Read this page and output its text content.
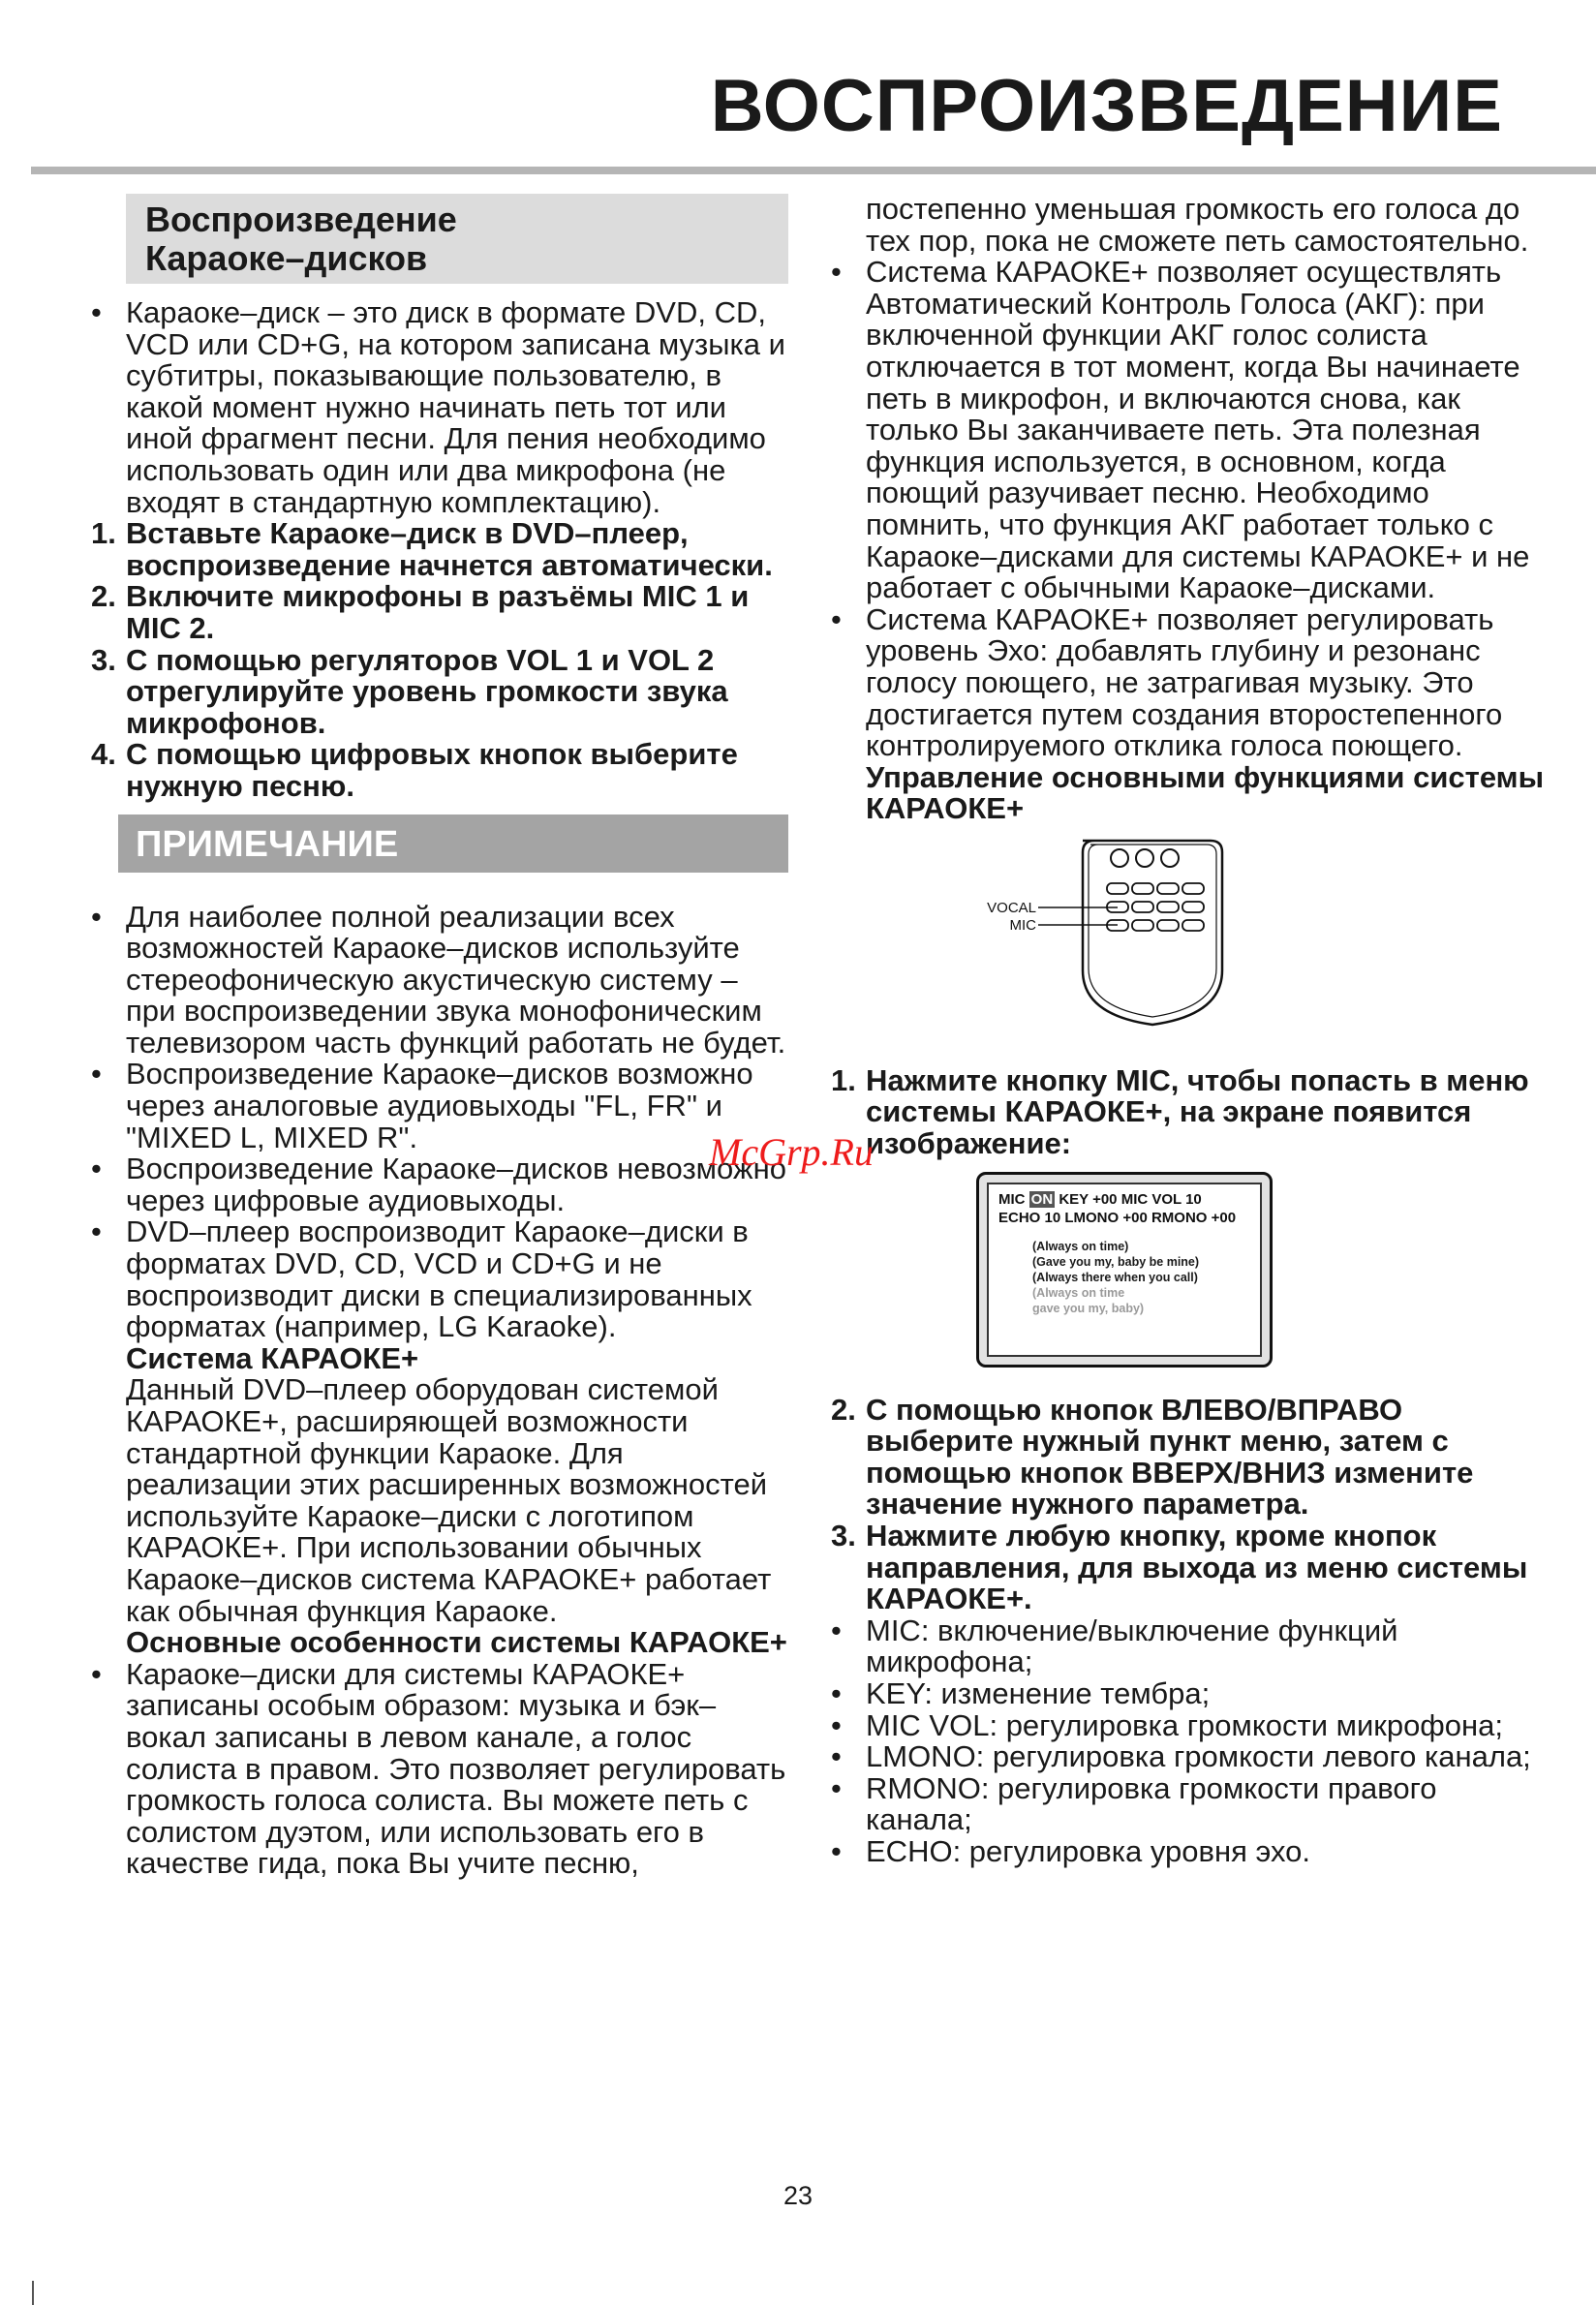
ВОСПРОИЗВЕДЕНИЕ
Воспроизведение
Караоке–дисков
• Караоке–диск – это диск в формате DVD, CD, VCD или CD+G, на котором записана музыка и субтитры, показывающие пользователю, в какой момент нужно начинать петь тот или иной фрагмент песни. Для пения необходимо использовать один или два микрофона (не входят в стандартную комплектацию).
1. Вставьте Караоке–диск в DVD–плеер, воспроизведение начнется автоматически.
2. Включите микрофоны в разъёмы MIC 1 и MIC 2.
3. С помощью регуляторов VOL 1 и VOL 2 отрегулируйте уровень громкости звука микрофонов.
4. С помощью цифровых кнопок выберите нужную песню.
ПРИМЕЧАНИЕ
• Для наиболее полной реализации всех возможностей Караоке–дисков используйте стереофоническую акустическую систему – при воспроизведении звука монофоническим телевизором часть функций работать не будет.
• Воспроизведение Караоке–дисков возможно через аналоговые аудиовыходы "FL, FR" и "MIXED L, MIXED R".
• Воспроизведение Караоке–дисков невозможно через цифровые аудиовыходы.
• DVD–плеер воспроизводит Караоке–диски в форматах DVD, CD, VCD и CD+G и не воспроизводит диски в специализированных форматах (например, LG Karaoke).
Система КАРАОКЕ+
Данный DVD–плеер оборудован системой КАРАОКЕ+, расширяющей возможности стандартной функции Караоке. Для реализации этих расширенных возможностей используйте Караоке–диски с логотипом КАРАОКЕ+. При использовании обычных Караоке–дисков система КАРАОКЕ+ работает как обычная функция Караоке.
Основные особенности системы КАРАОКЕ+
• Караоке–диски для системы КАРАОКЕ+ записаны особым образом: музыка и бэк–вокал записаны в левом канале, а голос солиста в правом. Это позволяет регулировать громкость голоса солиста. Вы можете петь с солистом дуэтом, или использовать его в качестве гида, пока Вы учите песню,
постепенно уменьшая громкость его голоса до тех пор, пока не сможете петь самостоятельно.
• Система КАРАОКЕ+ позволяет осуществлять Автоматический Контроль Голоса (АКГ): при включенной функции АКГ голос солиста отключается в тот момент, когда Вы начинаете петь в микрофон, и включаются снова, как только Вы заканчиваете петь. Эта полезная функция используется, в основном, когда поющий разучивает песню. Необходимо помнить, что функция АКГ работает только с Караоке–дисками для системы КАРАОКЕ+ и не работает с обычными Караоке–дисками.
• Система КАРАОКЕ+ позволяет регулировать уровень Эхо: добавлять глубину и резонанс голосу поющего, не затрагивая музыку. Это достигается путем создания второстепенного контролируемого отклика голоса поющего.
Управление основными функциями системы КАРАОКЕ+
VOCAL
MIC
1. Нажмите кнопку MIC, чтобы попасть в меню системы КАРАОКЕ+, на экране появится изображение:
MIC ON KEY +00 MIC VOL 10
ECHO 10 LMONO +00 RMONO +00
(Always on time)
(Gave you my, baby be mine)
(Always there when you call)
(Always on time
gave you my, baby)
2. С помощью кнопок ВЛЕВО/ВПРАВО выберите нужный пункт меню, затем с помощью кнопок ВВЕРХ/ВНИЗ измените значение нужного параметра.
3. Нажмите любую кнопку, кроме кнопок направления, для выхода из меню системы КАРАОКЕ+.
• MIC: включение/выключение функций микрофона;
• KEY: изменение тембра;
• MIC VOL: регулировка громкости микрофона;
• LMONO: регулировка громкости левого канала;
• RMONO: регулировка громкости правого канала;
• ECHO: регулировка уровня эхо.
McGrp.Ru
23
